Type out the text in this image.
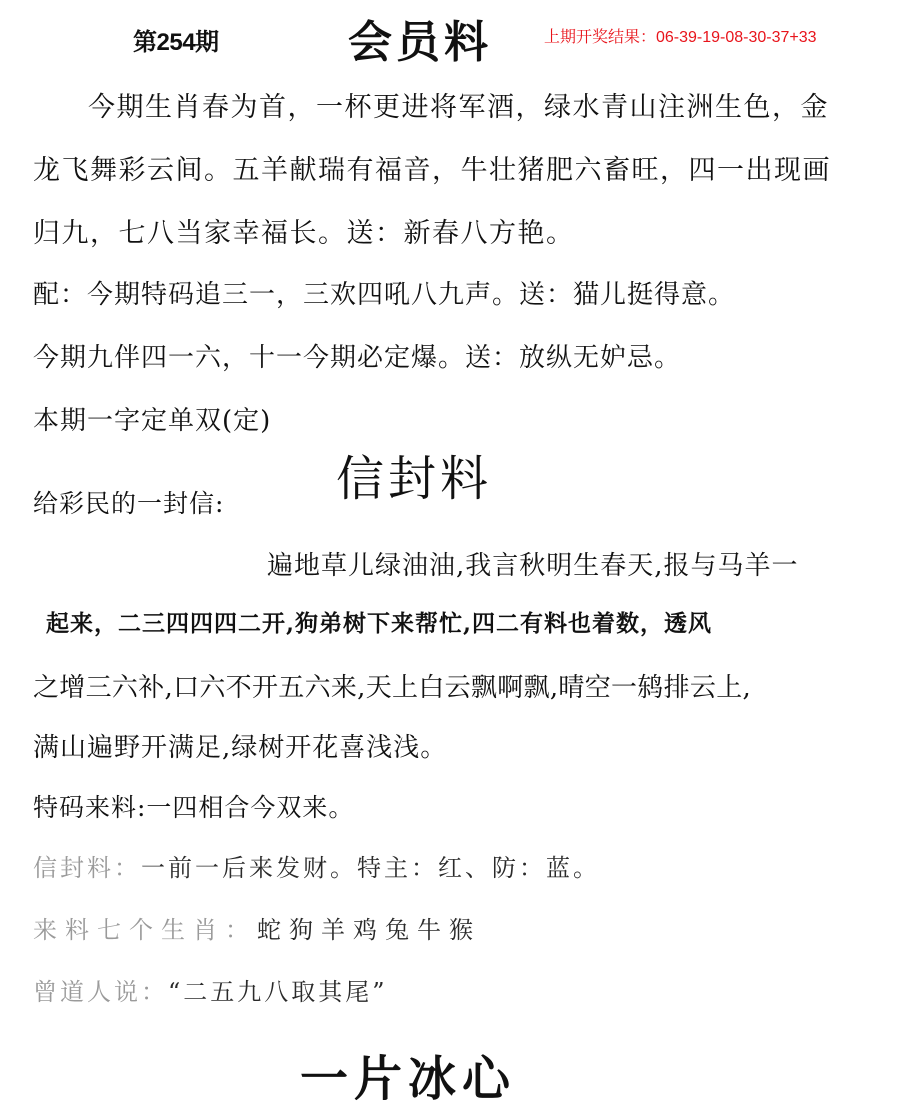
第254期	会员料	上期开奖结果：06-39-19-08-30-37+33
今期生肖春为首，一杯更进将军酒，绿水青山注洲生色，金
龙飞舞彩云间。五羊献瑞有福音，牛壮猪肥六畜旺，四一出现画
归九，七八当家幸福长。送：新春八方艳。
配：今期特码追三一，三欢四吼八九声。送：猫儿挺得意。
今期九伴四一六，十一今期必定爆。送：放纵无妒忌。
本期一字定单双(定)
信封料
给彩民的一封信:
遍地草儿绿油油,我言秋明生春天,报与马羊一
起来，二三四四四二开,狗弟树下来帮忙,四二有料也着数，透风
之增三六补,口六不开五六来,天上白云飘啊飘,晴空一鸫排云上,
满山遍野开满足,绿树开花喜浅浅。
特码来料:一四相合今双来。
信封料：一前一后来发财。特主：红、防：蓝。
来料七个生肖：蛇狗羊鸡兔牛猴
曾道人说：“二五九八取其尾”
一片冰心
